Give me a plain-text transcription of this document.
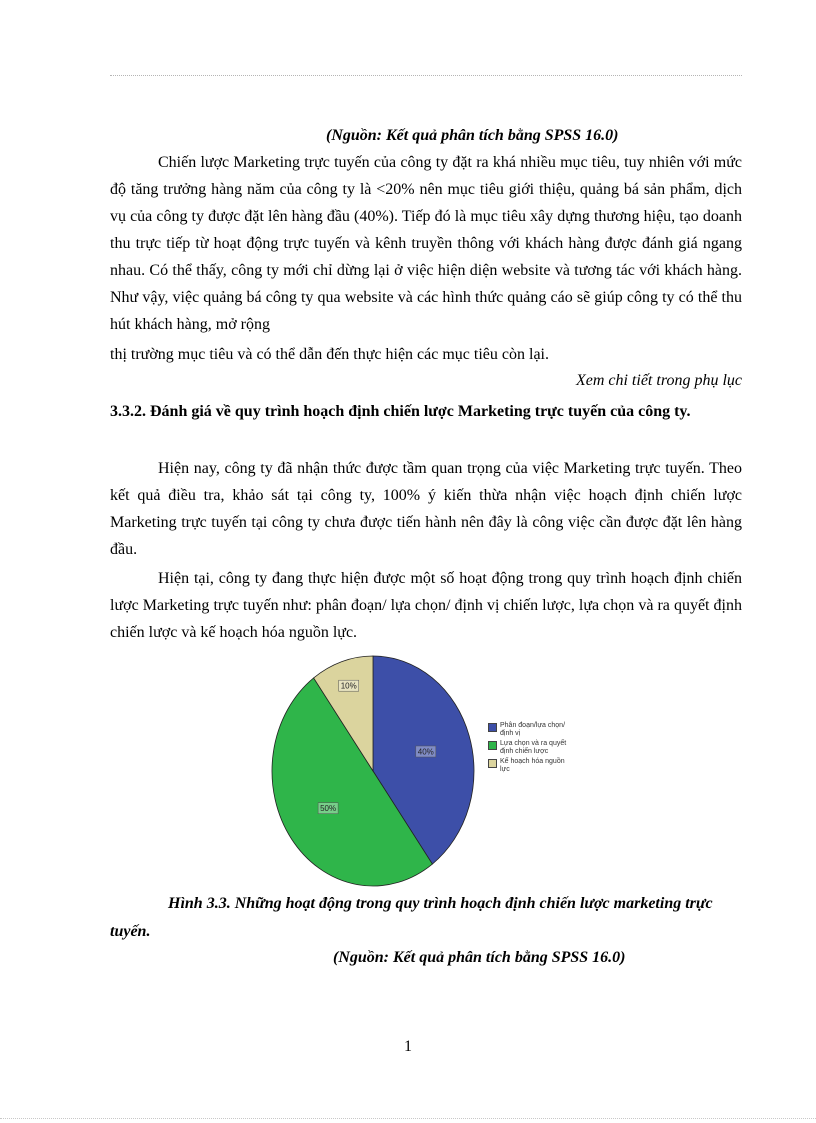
(Nguồn: Kết quả phân tích bằng SPSS 16.0)
Chiến lược Marketing trực tuyến của công ty đặt ra khá nhiều mục tiêu, tuy nhiên với mức độ tăng trưởng hàng năm của công ty là <20% nên mục tiêu giới thiệu, quảng bá sản phẩm, dịch vụ của công ty được đặt lên hàng đầu (40%). Tiếp đó là mục tiêu xây dựng thương hiệu, tạo doanh thu trực tiếp từ hoạt động trực tuyến và kênh truyền thông với khách hàng được đánh giá ngang nhau. Có thể thấy, công ty mới chỉ dừng lại ở việc hiện diện website và tương tác với khách hàng. Như vậy, việc quảng bá công ty qua website và các hình thức quảng cáo sẽ giúp công ty có thể thu hút khách hàng, mở rộng
thị trường mục tiêu và có thể dẫn đến thực hiện các mục tiêu còn lại.
Xem chi tiết trong phụ lục
3.3.2. Đánh giá về quy trình hoạch định chiến lược Marketing trực tuyến của công ty.
Hiện nay, công ty đã nhận thức được tầm quan trọng của việc Marketing trực tuyến. Theo kết quả điều tra, khảo sát tại công ty, 100% ý kiến thừa nhận việc hoạch định chiến lược Marketing trực tuyến tại công ty chưa được tiến hành nên đây là công việc cần được đặt lên hàng đầu.
Hiện tại, công ty đang thực hiện được một số hoạt động trong quy trình hoạch định chiến lược Marketing trực tuyến như: phân đoạn/ lựa chọn/ định vị chiến lược, lựa chọn và ra quyết định chiến lược và kế hoạch hóa nguồn lực.
40%
50%
10%
Phân đoạn/lựa chọn/định vị
Lựa chọn và ra quyết định chiến lược
Kế hoạch hóa nguồn lực
Hình 3.3. Những hoạt động trong quy trình hoạch định chiến lược marketing trực tuyến.
(Nguồn: Kết quả phân tích bằng SPSS 16.0)
1
